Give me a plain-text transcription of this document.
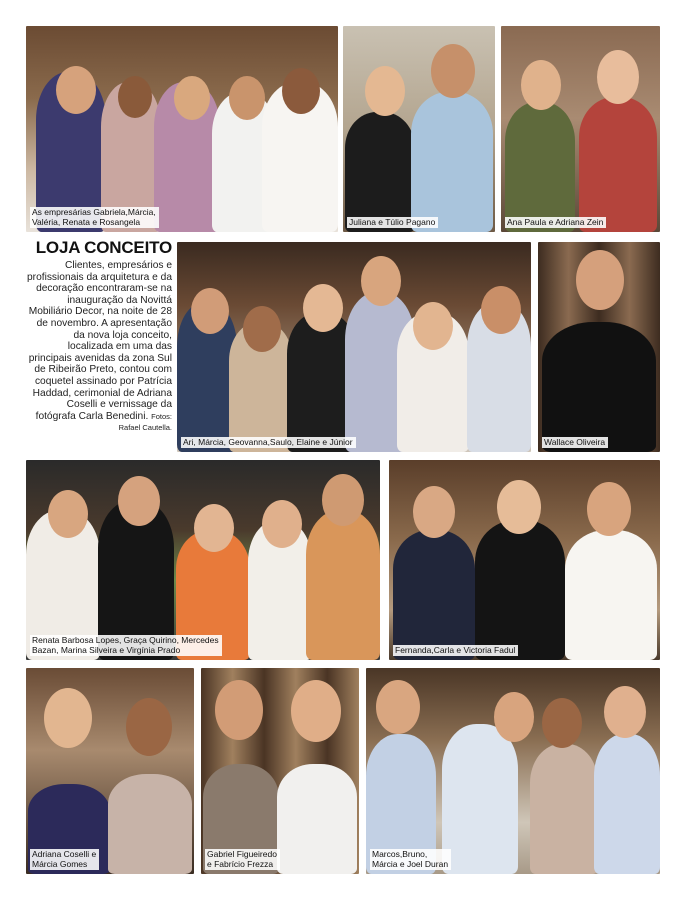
As empresárias Gabriela,Márcia,
Valéria, Renata e Rosangela	Juliana e Túlio Pagano	Ana Paula e Adriana Zein
LOJA CONCEITO

Clientes, empresários e profissionais da arquitetura e da decoração encontraram-se na inauguração da Novittá Mobiliário Decor, na noite de 28 de novembro. A apresentação da nova loja conceito, localizada em uma das principais avenidas da zona Sul de Ribeirão Preto, contou com coquetel assinado por Patrícia Haddad, cerimonial de Adriana Coselli e vernissage da fotógrafa Carla Benedini. Fotos: Rafael Cautella.

Ari, Márcia, Geovanna,Saulo, Elaine e Júnior	Wallace Oliveira
Renata Barbosa Lopes, Graça Quirino, Mercedes
Bazan, Marina Silveira e Virgínia Prado	Fernanda,Carla e Victoria Fadul
Adriana Coselli e
Márcia Gomes
Gabriel Figueiredo
e Fabrício Frezza
Marcos,Bruno,
Márcia e Joel Duran
